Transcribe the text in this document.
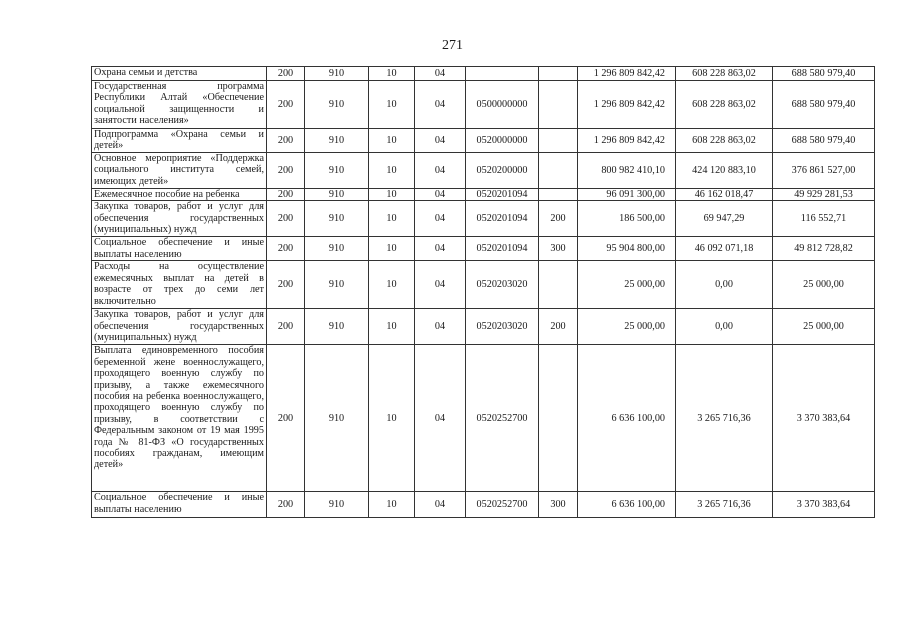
271
Охрана семьи и детства	200	910	10	04			1 296 809 842,42	608 228 863,02	688 580 979,40
Государственная программа Республики Алтай «Обеспечение социальной защищенности и занятости населения»	200	910	10	04	0500000000		1 296 809 842,42	608 228 863,02	688 580 979,40
Подпрограмма «Охрана семьи и детей»	200	910	10	04	0520000000		1 296 809 842,42	608 228 863,02	688 580 979,40
Основное мероприятие «Поддержка социального института семей, имеющих детей»	200	910	10	04	0520200000		800 982 410,10	424 120 883,10	376 861 527,00
Ежемесячное пособие на ребенка	200	910	10	04	0520201094		96 091 300,00	46 162 018,47	49 929 281,53
Закупка товаров, работ и услуг для обеспечения государственных (муниципальных) нужд	200	910	10	04	0520201094	200	186 500,00	69 947,29	116 552,71
Социальное обеспечение и иные выплаты населению	200	910	10	04	0520201094	300	95 904 800,00	46 092 071,18	49 812 728,82
Расходы на осуществление ежемесячных выплат на детей в возрасте от трех до семи лет включительно	200	910	10	04	0520203020		25 000,00	0,00	25 000,00
Закупка товаров, работ и услуг для обеспечения государственных (муниципальных) нужд	200	910	10	04	0520203020	200	25 000,00	0,00	25 000,00
Выплата единовременного пособия беременной жене военнослужащего, проходящего военную службу по призыву, а также ежемесячного пособия на ребенка военнослужащего, проходящего военную службу по призыву, в соответствии с Федеральным законом от 19 мая 1995 года № 81-ФЗ «О государственных пособиях гражданам, имеющим детей»	200	910	10	04	0520252700		6 636 100,00	3 265 716,36	3 370 383,64
Социальное обеспечение и иные выплаты населению	200	910	10	04	0520252700	300	6 636 100,00	3 265 716,36	3 370 383,64
